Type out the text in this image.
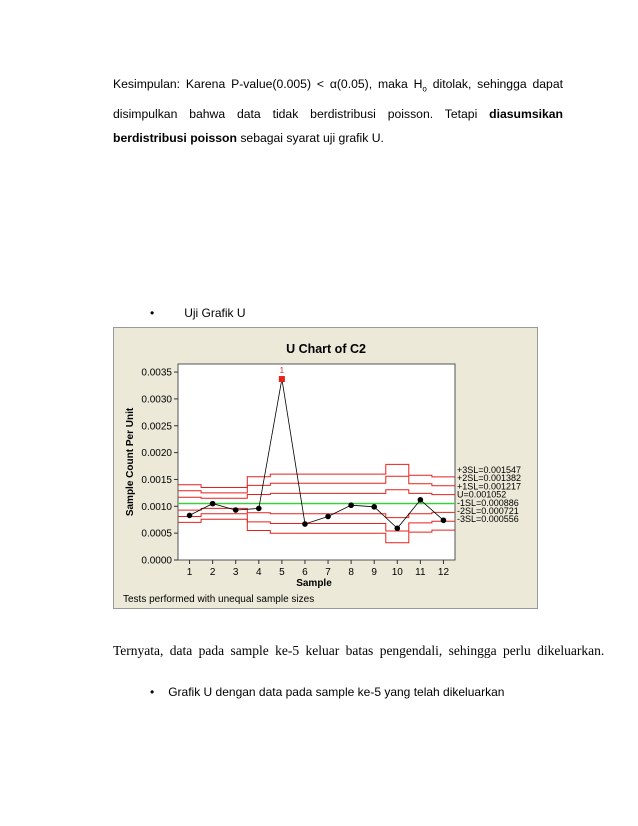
Kesimpulan: Karena P-value(0.005) < α(0.05), maka $H_o$ ditolak, sehingga dapat disimpulkan bahwa data tidak berdistribusi poisson. Tetapi diasumsikan berdistribusi poisson sebagai syarat uji grafik U.
•	Uji Grafik U
U Chart of C2
Sample Count Per Unit
Sample
1
0.0000
0.0005
0.0010
0.0015
0.0020
0.0025
0.0030
0.0035
1 2 3 4 5 6 7 8 9 10 11 12
+3SL=0.001547
+2SL=0.001382
+1SL=0.001217
U=0.001052
-1SL=0.000886
-2SL=0.000721
-3SL=0.000556
Tests performed with unequal sample sizes
Ternyata, data pada sample ke-5 keluar batas pengendali, sehingga perlu dikeluarkan.
• Grafik U dengan data pada sample ke-5 yang telah dikeluarkan
